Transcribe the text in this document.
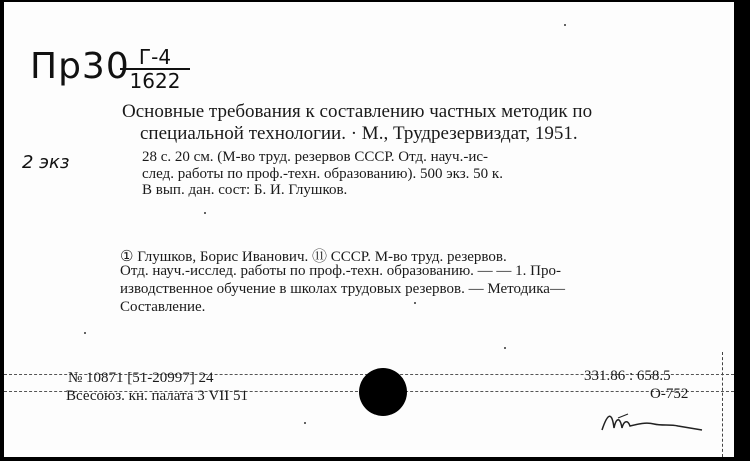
Пр30 Г-4
1622
2 экз
Основные требования к составлению частных методик по
специальной технологии. · М., Трудрезервиздат, 1951.
28 с. 20 см. (М-во труд. резервов СССР. Отд. науч.-ис-
след. работы по проф.-техн. образованию). 500 экз. 50 к.
В вып. дан. сост: Б. И. Глушков.
① Глушков, Борис Иванович. ⑪ СССР. М-во труд. резервов.
Отд. науч.-исслед. работы по проф.-техн. образованию. — — 1. Про-
изводственное обучение в школах трудовых резервов. — Методика—
Составление.
№ 10871 [51-20997] 24
Всесоюз. кн. палата 3 VII 51
331.86 : 658.5
О-752
